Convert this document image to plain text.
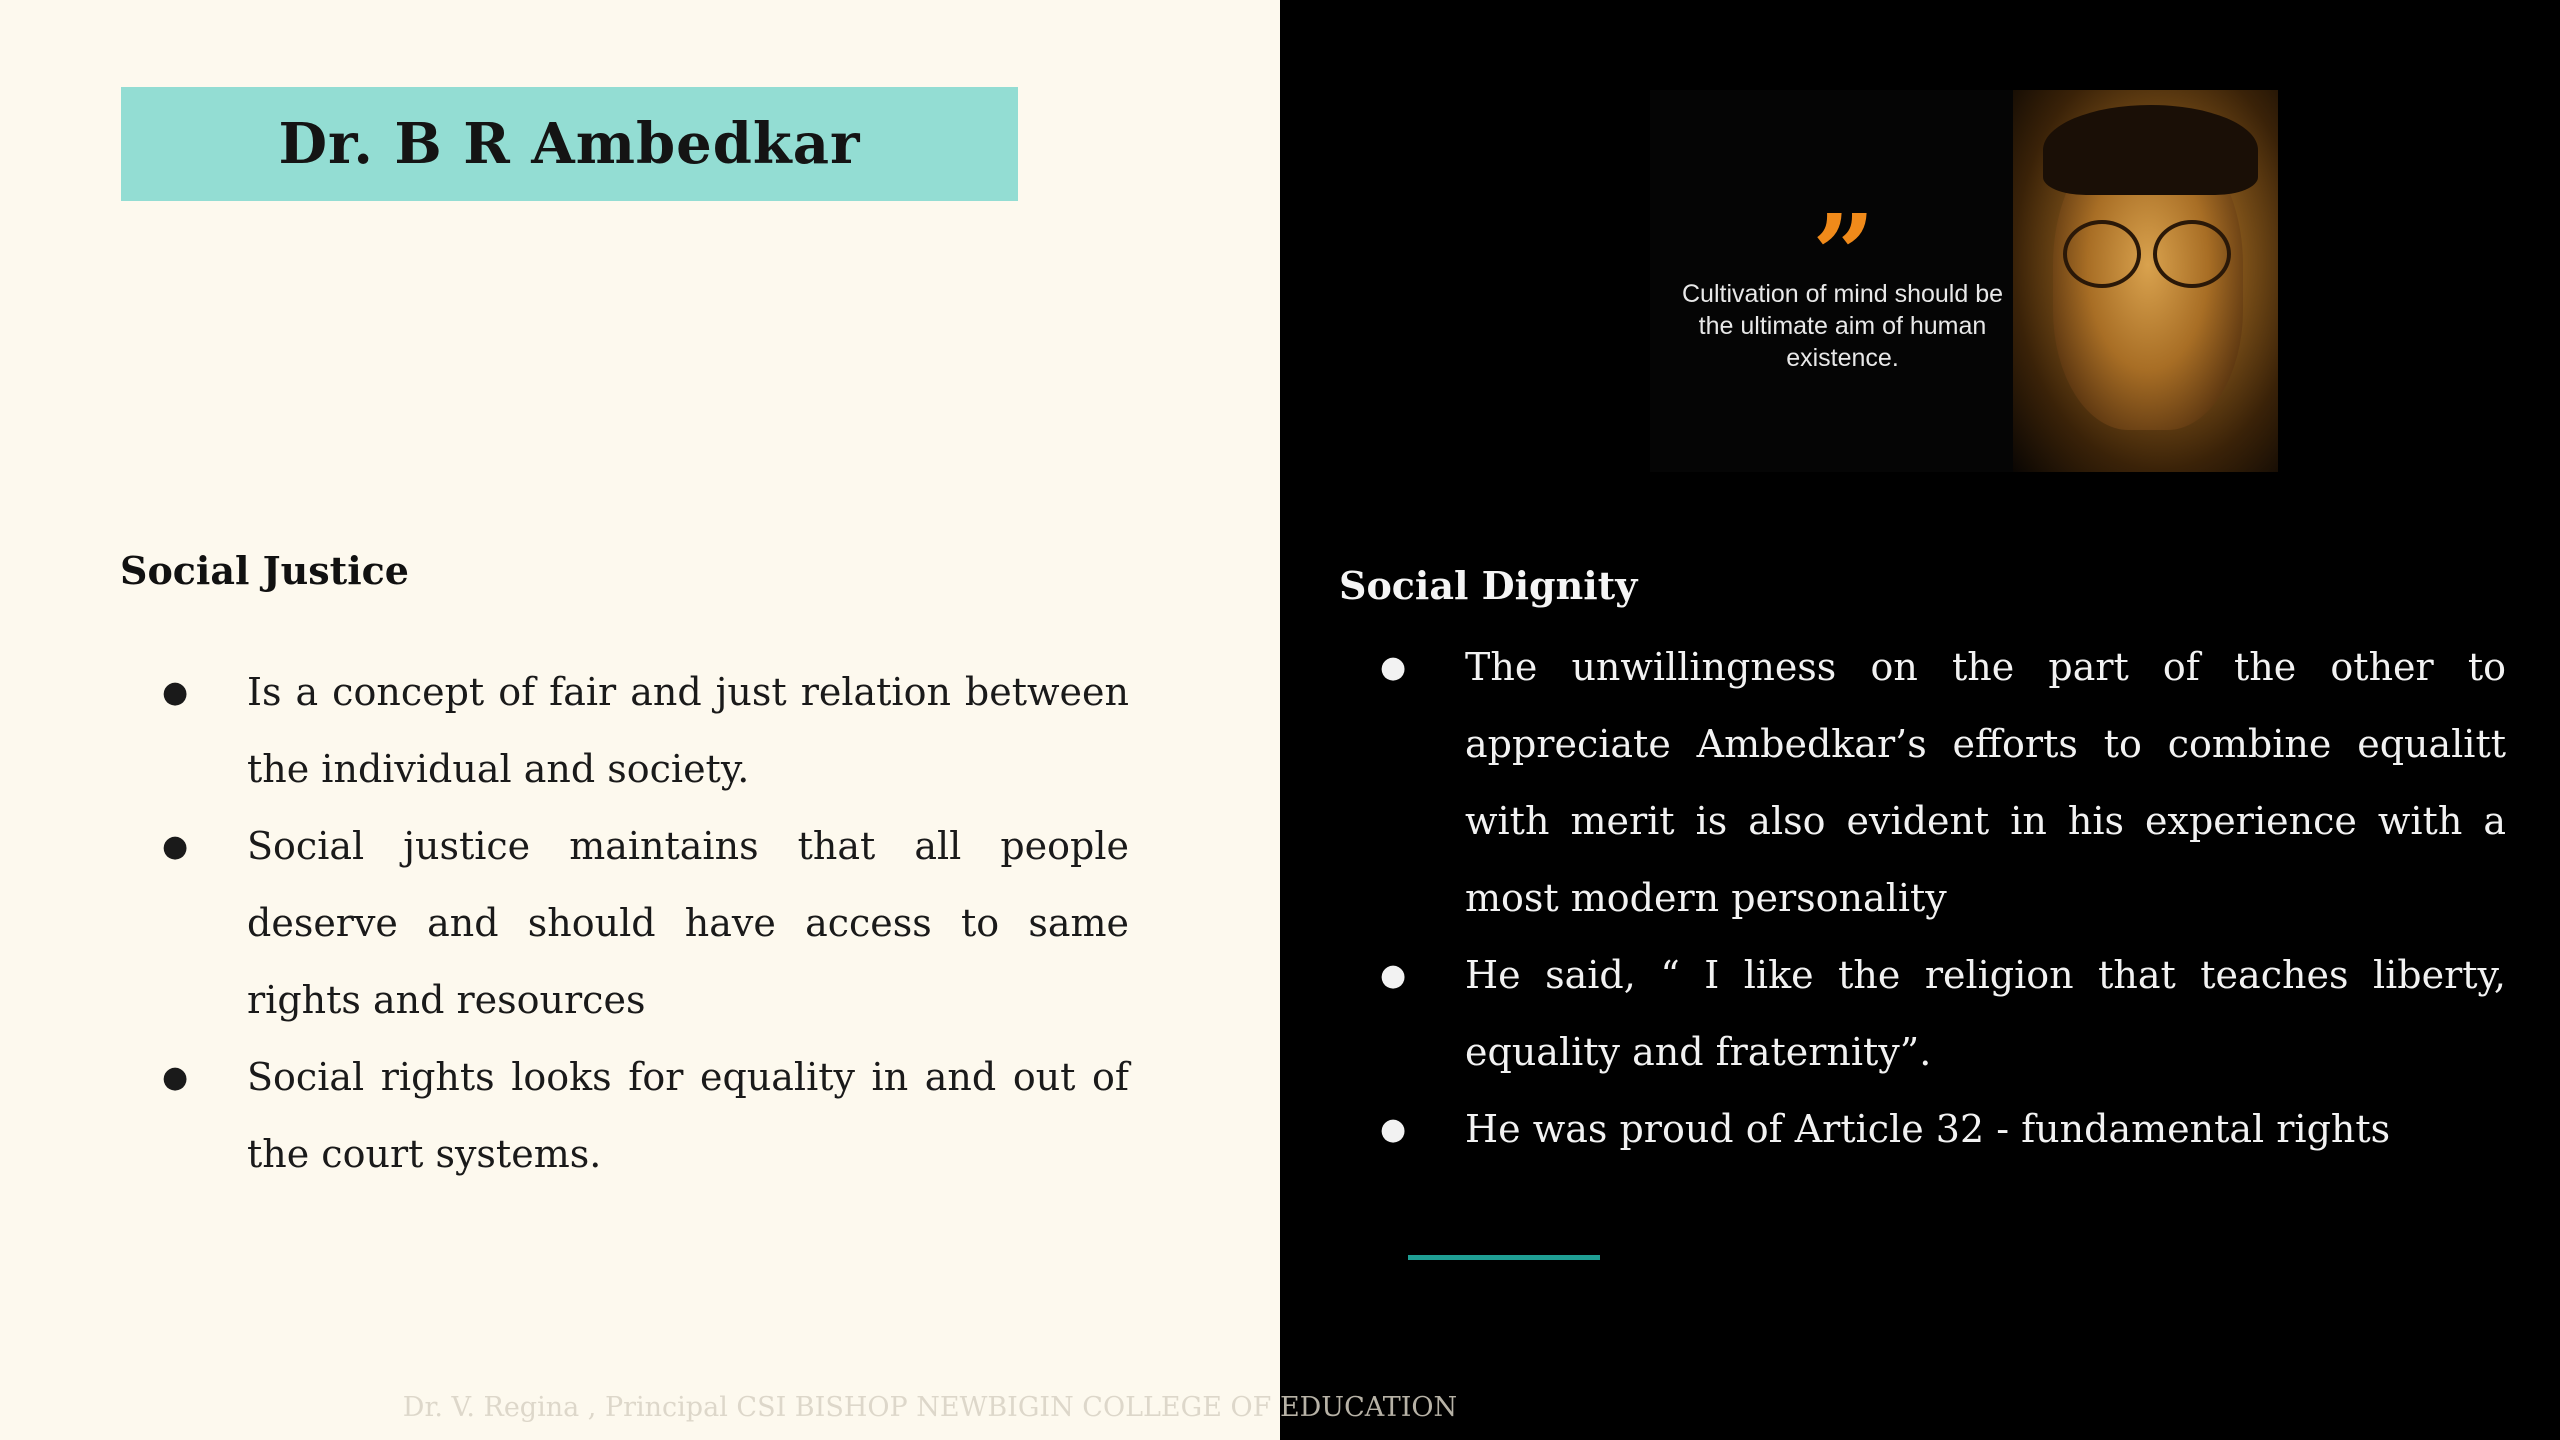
Dr. B R Ambedkar
Social Justice
● Is a concept of fair and just relation between the individual and society.
● Social justice maintains that all people deserve and should have access to same rights and resources
● Social rights looks for equality in and out of the court systems.
”
Cultivation of mind should be the ultimate aim of human existence.
Social Dignity
● The unwillingness on the part of the other to appreciate Ambedkar’s efforts to combine equalitt with merit is also evident in his experience with a most modern personality
● He said, “ I like the religion that teaches liberty, equality and fraternity”.
● He was proud of Article 32 - fundamental rights
Dr. V. Regina , Principal CSI BISHOP NEWBIGIN COLLEGE OF EDUCATION
